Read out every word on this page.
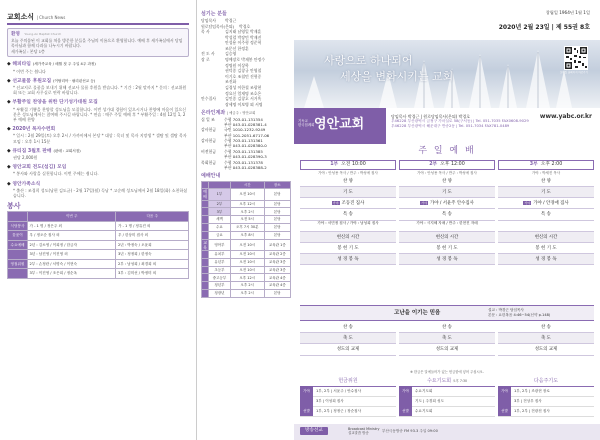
교회소식 | Church News
환영 Young-An Baptist Church
오늘 주의몸된 이 교회를 처음 방문한 분들을 주님의 이름으로 환영합니다. 예배 후 새가족실에서 담임목사님과 함께 다과를 나누시기 바랍니다.
새가족실 : 본당 1층
◆ 해피타임 (새가족교육 / 매월 첫 주 주일 4주 과정)
* 이번 주는 쉽니다
◆ 선교물품 후원모집 (이탈리아 · 필리핀선교 등)
* 선교지로 물품을 보내기 위해 선교사 물품 후원을 받습니다. * 기간 : 2월 말까지 * 문의 : 선교위원회 또는 교회 사무실로 연락 바랍니다.
◆ 부활주일 찬양을 위한 단기성가대원 모집
* 부활절 기쁨을 찬양할 성도님을 모집합니다. 이번 성가대 경험이 있으시거나 찬양에 마음이 있으신 분은 성도님께서는 참여해 주시길 바랍니다. * 연습 : 매주 주일 예배 후 * 부활주일 : 4월 12일 1, 2부 예배 찬양
◆ 2020년 목자수련회
* 일시 : 2월 29일(토) 오후 2시 / 가까이에서 본당 * 대상 : 목녀 및 목자 지망생 * 셀탐 및 셀탐 목자 모임 : 오후 1시 15분
◆ 큐티집 3월호 판매 (판매 : 교회서점)
권당 2,000원
◆ 영안교회 전도(섬김) 모임
* 봉사와 사랑을 실천합니다. 이번 주에는 쉽니다.
◆ 영안가족소식
* 출산 : 조경희 성도(남편 김도균) - 2월 17일(월) 득남 * 고순례 성도님께서 2월 18일(화) 소천하셨습니다.
봉사
	이번 주	다음 주
식당봉사	가 - 1 명 / 정은주 외	가 - 1 명 / 정유진 외
꽃꽂이	우 / 정오순 집사 외	우 / 한상미 집사 외
수요예배	2년 : 김소영 / 이희정 / 한금자	2년 : 박정숙 / 오윤희
	3년 : 남진영 / 이진영 외	3년 : 정정희 / 한정숙
영접위원	2부 : 손정란 / 서명숙 / 이현숙	2부 : 남성희 / 최경희 외
	3부 : 이진영 / 조은희 / 정순옥	3부 : 김미선 / 박정미 외
섬기는 분들
담임목사	박경근
원로담임목사(은퇴)	박경호
목 사	김지태 남영일 박재훈
박성렬 박장민 박재진
안성용 이주형 정준혁
조문선 한정훈
전 도 사	김승영
장 로	명예장로 박재봉 안정수
정명원 이상학
권덕종 김창규 안영철
이기호 조철민 진형중
조진화
김경성 이한철 조광현
정요신 엄재명 조호은
안수집사	김인종 김창호 서거흑
장세명 이보병 외 서명
온라인계좌 | 예금주 : 영안교회
십 일 조	수협 703-01-131354
부산 043-01-028381-4
감사헌금	국민 1010-1232-9249
부산 101-2051-6717-06
감사헌금	수협 703-01-131361
부산 043-01-028380-0
비전헌금	수협 703-01-131385
부산 043-01-028390-3
목회헌금	수협 703-01-131378
부산 043-01-028388-2
예배안내
		시간	장소
예배	1부	오전 10시	본당
	2부	오후 12시	본당
	3부	오후 2시	본당
	새벽	오전 5시	본당
	수요	오후 7시 30분	본당
	금요	오후 8시	본당
교육	영아부	오전 10시	교육관 1층
	유치부	오전 10시	교육관 2층
	유년부	오전 10시	교육관 3층
	초등부	오전 10시	교육관 3층
	중고등부	오후 12시	교육관 4층
	청년부	오후 2시	교육관 4층
	청장년	오후 2시	본당
창립일 1964년 1월 1일
2020년 2월 23일 | 제 55권 8호
사랑으로 하나되어
세상을 변화시키는 교회	모바일 홈페이지 바로가기
기독교
한국침례회 영안교회
담임목사 박경근 | 원로담임목사(은퇴) 박경호
우46228 부산광역시 금정구 가마실로 58(구서동) | Tel. 051-7035 FAX0608-9029
우46228 부산광역시 해운대구 반송2동 | Tel. 051-7034 FAX781-0489
www.yabc.or.kr
주 일 예 배
1부 오전 10:00
가야 : 안성용 목사 / 반주 : 박성애 집사
찬 양
기 도
가야 조동진 집사
특 송
가야 : 서민정 집사 / 가야 : 남성희 집사
현신의 시간
봉 헌 기 도
성 경 봉 독
2부 오후 12:00
가야 : 안성용 목사 / 반주 : 박성애 집사
찬 양
기 도
가야 가야 / 서윤주 안수집사
특 송
가야 : 시지혜 자매 / 반주 : 한현진 자매
현신의 시간
봉 헌 기 도
성 경 봉 독
3부 오후 2:00
가야 : 박세진 목사
찬 양
기 도
가야 가야 / 안경애 집사
특 송
현신의 시간
봉 헌 기 도
성 경 봉 독
고난을 이기는 믿음	설교 : 박경근 담임목사
본문 : 요한복음 4:46~54(신약 p.148)
찬 송
축 도
성도의 교제
찬 송
축 도
성도의 교제
찬 송
축 도
성도의 교제
※ 한금은 알에들어가 있는 헌금함에 넣어 주십시오.
헌금위원
가야	1부, 2부 | 서윤주 / 안수집사
3부 | 이성희 집사
선발	1부, 2부 | 정정근 / 장순집사
수요기도회 오후 7:30
가야	수요기도회
기도 | 주경희 성도
선발	수요기도회
다음주기도
가야	1부, 2부 | 조광현 장로
3부 | 전상우 집사
선발	1부, 2부 | 전광천 집사
방송선교	Broadcast Ministry
설교말씀 방송
부산극동방송 FM 93.3 주일 09:00
